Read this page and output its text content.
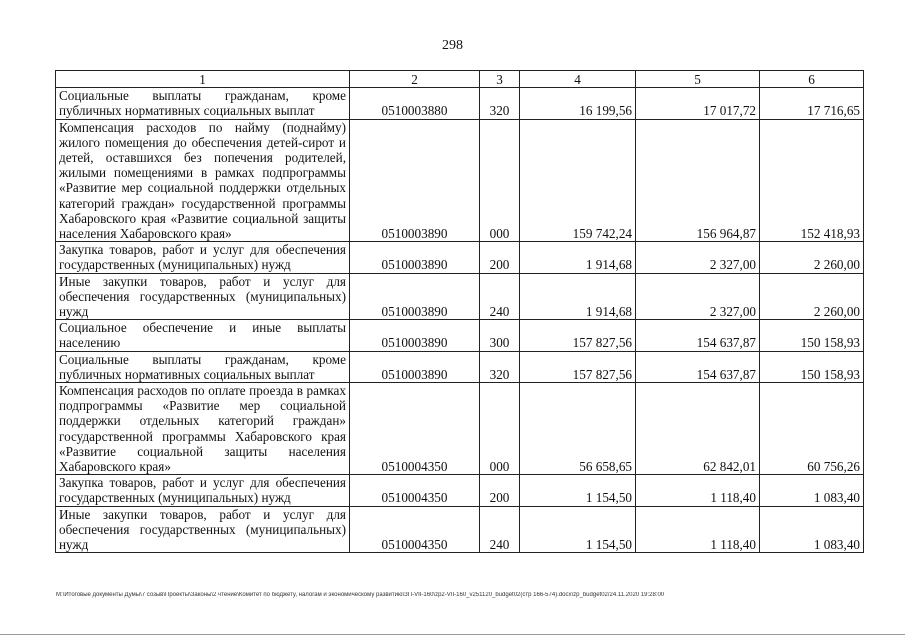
298
1	2	3	4	5	6
Социальные выплаты гражданам, кроме публичных нормативных социальных выплат	0510003880	320	16 199,56	17 017,72	17 716,65
Компенсация расходов по найму (поднайму) жилого помещения до обеспечения детей-сирот и детей, оставшихся без попечения родителей, жилыми помещениями в рамках подпрограммы «Развитие мер социальной поддержки отдельных категорий граждан» государственной программы Хабаровского края «Развитие социальной защиты населения Хабаровского края»	0510003890	000	159 742,24	156 964,87	152 418,93
Закупка товаров, работ и услуг для обеспечения государственных (муниципальных) нужд	0510003890	200	1 914,68	2 327,00	2 260,00
Иные закупки товаров, работ и услуг для обеспечения государственных (муниципальных) нужд	0510003890	240	1 914,68	2 327,00	2 260,00
Социальное обеспечение и иные выплаты населению	0510003890	300	157 827,56	154 637,87	150 158,93
Социальные выплаты гражданам, кроме публичных нормативных социальных выплат	0510003890	320	157 827,56	154 637,87	150 158,93
Компенсация расходов по оплате проезда в рамках подпрограммы «Развитие мер социальной поддержки отдельных категорий граждан» государственной программы Хабаровского края «Развитие социальной защиты населения Хабаровского края»	0510004350	000	56 658,65	62 842,01	60 756,26
Закупка товаров, работ и услуг для обеспечения государственных (муниципальных) нужд	0510004350	200	1 154,50	1 118,40	1 083,40
Иные закупки товаров, работ и услуг для обеспечения государственных (муниципальных) нужд	0510004350	240	1 154,50	1 118,40	1 083,40
M:\Итоговые документы Думы\7 созыв\Проекты\Законы\2 чтение\Комитет по бюджету, налогам и экономическому развитию\ЗП-VII-160\zp2-VII-160_v251120_budget02(стр 166-574).docx\zp_budget02/24.11.2020 19:28:00
